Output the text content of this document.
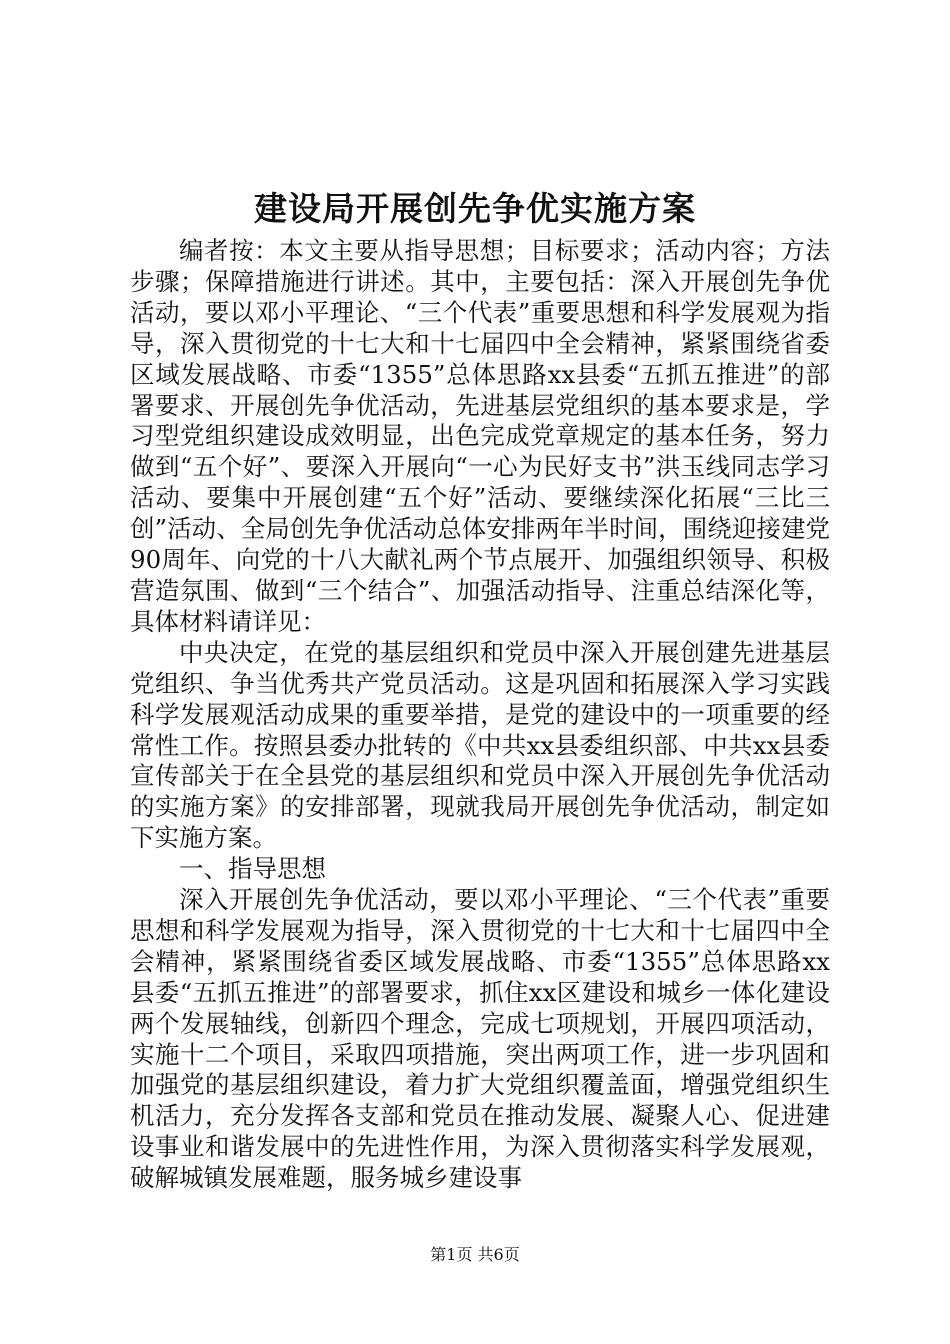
建设局开展创先争优实施方案

编者按：本文主要从指导思想；目标要求；活动内容；方法步骤；保障措施进行讲述。其中，主要包括：深入开展创先争优活动，要以邓小平理论、“三个代表”重要思想和科学发展观为指导，深入贯彻党的十七大和十七届四中全会精神，紧紧围绕省委区域发展战略、市委“1355”总体思路xx县委“五抓五推进”的部署要求、开展创先争优活动，先进基层党组织的基本要求是，学习型党组织建设成效明显，出色完成党章规定的基本任务，努力做到“五个好”、要深入开展向“一心为民好支书”洪玉线同志学习活动、要集中开展创建“五个好”活动、要继续深化拓展“三比三创”活动、全局创先争优活动总体安排两年半时间，围绕迎接建党90周年、向党的十八大献礼两个节点展开、加强组织领导、积极营造氛围、做到“三个结合”、加强活动指导、注重总结深化等，具体材料请详见：

中央决定，在党的基层组织和党员中深入开展创建先进基层党组织、争当优秀共产党员活动。这是巩固和拓展深入学习实践科学发展观活动成果的重要举措，是党的建设中的一项重要的经常性工作。按照县委办批转的《中共xx县委组织部、中共xx县委宣传部关于在全县党的基层组织和党员中深入开展创先争优活动的实施方案》的安排部署，现就我局开展创先争优活动，制定如下实施方案。

一、指导思想

深入开展创先争优活动，要以邓小平理论、“三个代表”重要思想和科学发展观为指导，深入贯彻党的十七大和十七届四中全会精神，紧紧围绕省委区域发展战略、市委“1355”总体思路xx县委“五抓五推进”的部署要求，抓住xx区建设和城乡一体化建设两个发展轴线，创新四个理念，完成七项规划，开展四项活动，实施十二个项目，采取四项措施，突出两项工作，进一步巩固和加强党的基层组织建设，着力扩大党组织覆盖面，增强党组织生机活力，充分发挥各支部和党员在推动发展、凝聚人心、促进建设事业和谐发展中的先进性作用，为深入贯彻落实科学发展观，破解城镇发展难题，服务城乡建设事

第1页 共6页
